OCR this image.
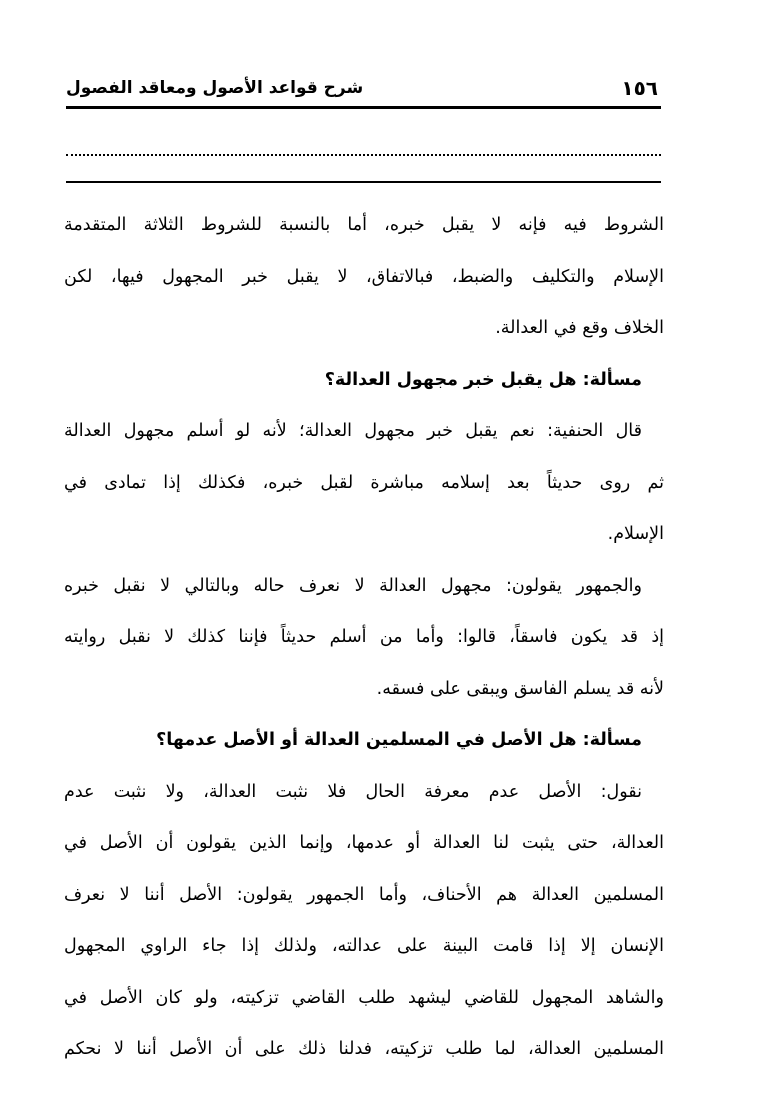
١٥٦
شرح قواعد الأصول ومعاقد الفصول
الشروط فيه فإنه لا يقبل خبره، أما بالنسبة للشروط الثلاثة المتقدمة
الإسلام والتكليف والضبط، فبالاتفاق، لا يقبل خبر المجهول فيها، لكن
الخلاف وقع في العدالة.
مسألة: هل يقبل خبر مجهول العدالة؟
قال الحنفية: نعم يقبل خبر مجهول العدالة؛ لأنه لو أسلم مجهول العدالة
ثم روى حديثاً بعد إسلامه مباشرة لقبل خبره، فكذلك إذا تمادى في
الإسلام.
والجمهور يقولون: مجهول العدالة لا نعرف حاله وبالتالي لا نقبل خبره
إذ قد يكون فاسقاً، قالوا: وأما من أسلم حديثاً فإننا كذلك لا نقبل روايته
لأنه قد يسلم الفاسق ويبقى على فسقه.
مسألة: هل الأصل في المسلمين العدالة أو الأصل عدمها؟
نقول: الأصل عدم معرفة الحال فلا نثبت العدالة، ولا نثبت عدم
العدالة، حتى يثبت لنا العدالة أو عدمها، وإنما الذين يقولون أن الأصل في
المسلمين العدالة هم الأحناف، وأما الجمهور يقولون: الأصل أننا لا نعرف
الإنسان إلا إذا قامت البينة على عدالته، ولذلك إذا جاء الراوي المجهول
والشاهد المجهول للقاضي ليشهد طلب القاضي تزكيته، ولو كان الأصل في
المسلمين العدالة، لما طلب تزكيته، فدلنا ذلك على أن الأصل أننا لا نحكم
